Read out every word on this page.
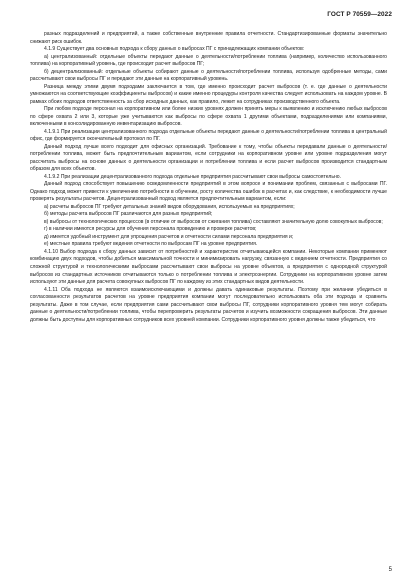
ГОСТ Р 70559—2022

разных подразделений и предприятий, а также собственные внутренние правила отчетности. Стандартизированные форматы значительно снижают риск ошибок.

4.1.9 Существует два основных подхода к сбору данных о выбросах ПГ с принадлежащих компании объектов:

а) централизованный: отдельные объекты передают данные о деятельности/потреблении топлива (например, количество использованного топлива) на корпоративный уровень, где происходит расчет выбросов ПГ;

б) децентрализованный: отдельные объекты собирают данные о деятельности/потреблении топлива, используя одобренные методы, сами рассчитывают свои выбросы ПГ и передают эти данные на корпоративный уровень.

Разница между этими двумя подходами заключается в том, где именно происходит расчет выбросов (т. е. где данные о деятельности умножаются на соответствующие коэффициенты выбросов) и какие именно процедуры контроля качества следует использовать на каждом уровне. В рамках обоих подходов ответственность за сбор исходных данных, как правило, лежит на сотрудниках производственного объекта.

При любом подходе персонал на корпоративном или более низких уровнях должен принять меры к выявлению и исключению любых выбросов по сфере охвата 2 или 3, которые уже учитываются как выбросы по сфере охвата 1 другими объектами, подразделениями или компаниями, включенными в консолидированную инвентаризацию выбросов.

4.1.9.1 При реализации централизованного подхода отдельные объекты передают данные о деятельности/потреблении топлива в центральный офис, где формируется окончательный протокол по ПГ.

Данный подход лучше всего подходит для офисных организаций. Требование к тому, чтобы объекты передавали данные о деятельности/потреблении топлива, может быть предпочтительным вариантом, если сотрудники на корпоративном уровне или уровне подразделения могут рассчитать выбросы на основе данных о деятельности организации и потреблении топлива и если расчет выбросов производится стандартным образом для всех объектов.

4.1.9.2 При реализации децентрализованного подхода отдельные предприятия рассчитывают свои выбросы самостоятельно.

Данный подход способствует повышению осведомленности предприятий в этом вопросе и понимании проблем, связанных с выбросами ПГ. Однако подход может привести к увеличению потребности в обучении, росту количества ошибок в расчетах и, как следствие, к необходимости лучше проверять результаты расчетов. Децентрализованный подход является предпочтительным вариантом, если:

а) расчеты выбросов ПГ требуют детальных знаний видов оборудования, используемых на предприятиях;

б) методы расчета выбросов ПГ различаются для разных предприятий;

в) выбросы от технологических процессов (в отличие от выбросов от сжигания топлива) составляют значительную долю совокупных выбросов;

г) в наличии имеются ресурсы для обучения персонала проведению и проверке расчетов;

д) имеется удобный инструмент для упрощения расчетов и отчетности силами персонала предприятия и;

е) местные правила требуют ведения отчетности по выбросам ПГ на уровне предприятия.

4.1.10 Выбор подхода к сбору данных зависит от потребностей и характеристик отчитывающейся компании. Некоторые компании применяют комбинацию двух подходов, чтобы добиться максимальной точности и минимизировать нагрузку, связанную с ведением отчетности. Предприятия со сложной структурой и технологическими выбросами рассчитывают свои выбросы на уровне объектов, а предприятия с однородной структурой выбросов из стандартных источников отчитываются только о потреблении топлива и электроэнергии. Сотрудники на корпоративном уровне затем используют эти данные для расчета совокупных выбросов ПГ по каждому из этих стандартных видов деятельности.

4.1.11 Оба подхода не являются взаимоисключающими и должны давать одинаковые результаты. Поэтому при желании убедиться в согласованности результатов расчетов на уровне предприятия компании могут последовательно использовать оба эти подхода и сравнить результаты. Даже в том случае, если предприятия сами рассчитывают свои выбросы ПГ, сотрудники корпоративного уровня тем могут собирать данные о деятельности/потреблении топлива, чтобы перепроверить результаты расчетов и изучить возможности сокращения выбросов. Эти данные должны быть доступны для корпоративных сотрудников всех уровней компании. Сотрудники корпоративного уровня должны также убедиться, что

5
